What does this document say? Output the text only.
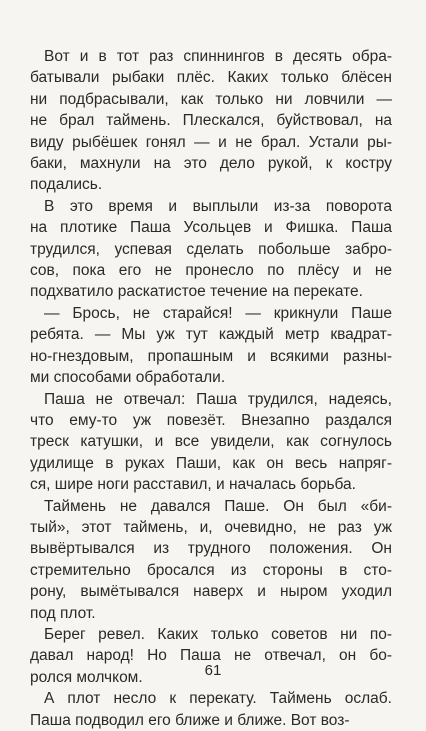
Вот и в тот раз спиннингов в десять обра-
батывали рыбаки плёс. Каких только блёсен
ни подбрасывали, как только ни ловчили —
не брал таймень. Плескался, буйствовал, на
виду рыбёшек гонял — и не брал. Устали ры-
баки, махнули на это дело рукой, к костру
подались.
В это время и выплыли из-за поворота
на плотике Паша Усольцев и Фишка. Паша
трудился, успевая сделать побольше забро-
сов, пока его не пронесло по плёсу и не
подхватило раскатистое течение на перекате.
— Брось, не старайся! — крикнули Паше
ребята. — Мы уж тут каждый метр квадрат-
но-гнездовым, пропашным и всякими разны-
ми способами обработали.
Паша не отвечал: Паша трудился, надеясь,
что ему-то уж повезёт. Внезапно раздался
треск катушки, и все увидели, как согнулось
удилище в руках Паши, как он весь напряг-
ся, шире ноги расставил, и началась борьба.
Таймень не давался Паше. Он был «би-
тый», этот таймень, и, очевидно, не раз уж
вывёртывался из трудного положения. Он
стремительно бросался из стороны в сто-
рону, вымётывался наверх и ныром уходил
под плот.
Берег ревел. Каких только советов ни по-
давал народ! Но Паша не отвечал, он бо-
ролся молчком.
А плот несло к перекату. Таймень ослаб.
Паша подводил его ближе и ближе. Вот воз-
61
